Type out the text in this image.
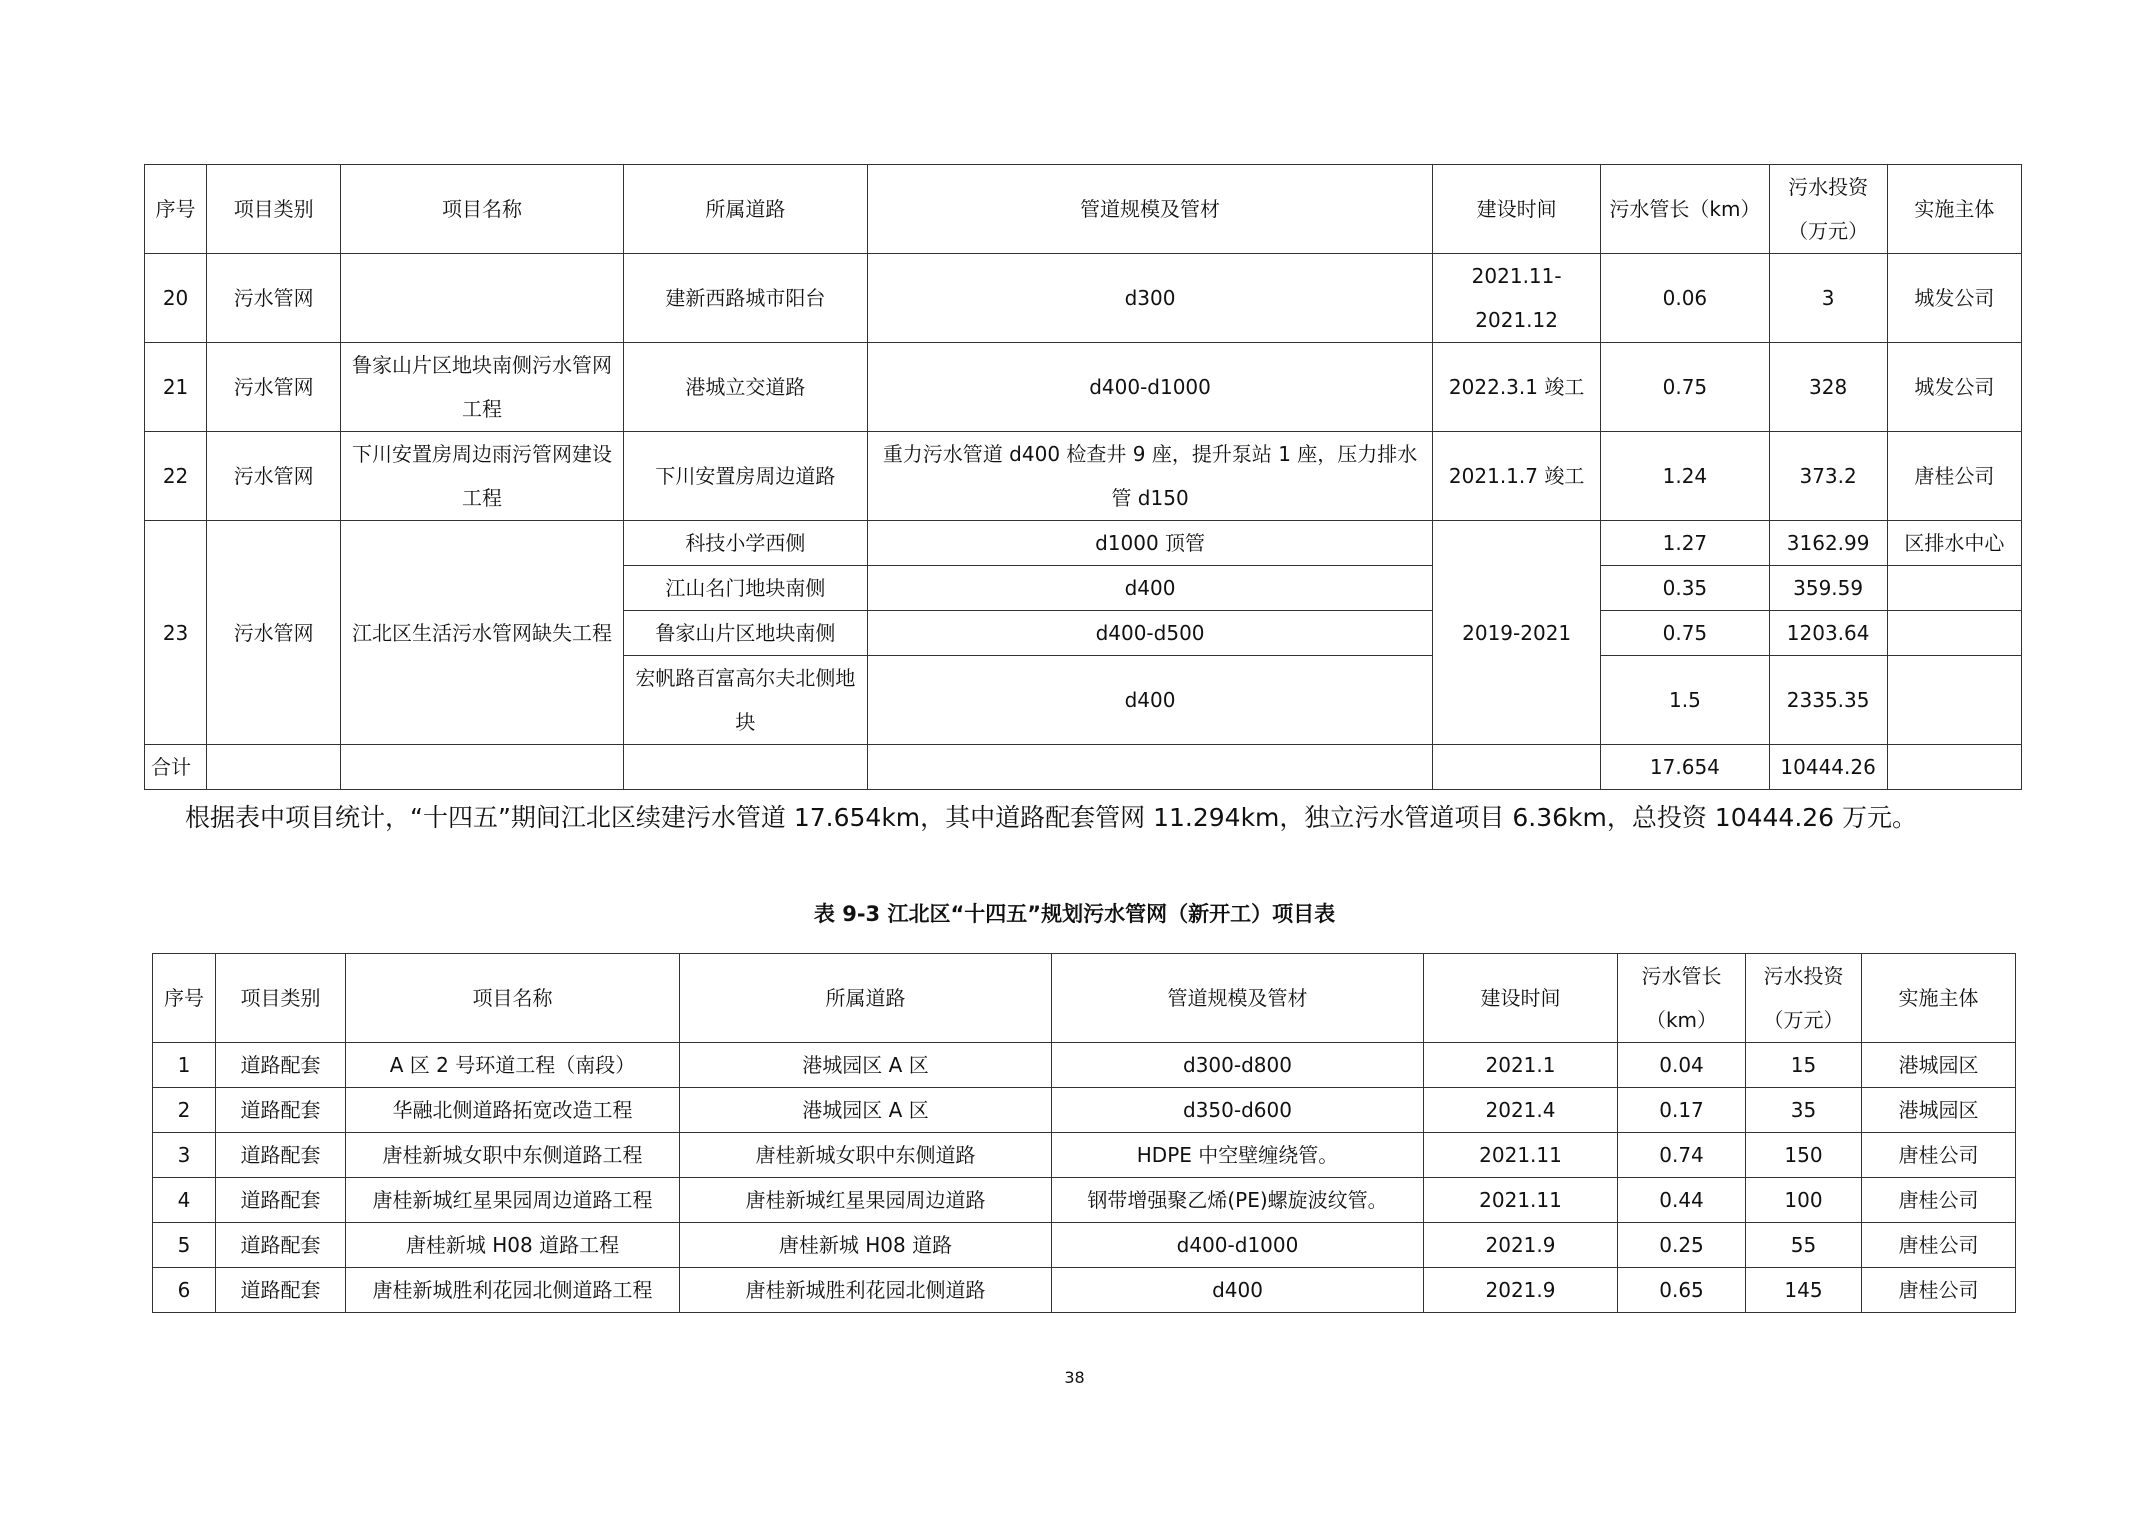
序号	项目类别	项目名称	所属道路	管道规模及管材	建设时间	污水管长（km）	污水投资（万元）	实施主体
20	污水管网		建新西路城市阳台	d300	2021.11-2021.12	0.06	3	城发公司
21	污水管网	鲁家山片区地块南侧污水管网工程	港城立交道路	d400-d1000	2022.3.1 竣工	0.75	328	城发公司
22	污水管网	下川安置房周边雨污管网建设工程	下川安置房周边道路	重力污水管道 d400 检查井 9 座，提升泵站 1 座，压力排水管 d150	2021.1.7 竣工	1.24	373.2	唐桂公司
23	污水管网	江北区生活污水管网缺失工程	科技小学西侧	d1000 顶管	2019-2021	1.27	3162.99	区排水中心
			江山名门地块南侧	d400		0.35	359.59	
			鲁家山片区地块南侧	d400-d500		0.75	1203.64	
			宏帆路百富高尔夫北侧地块	d400		1.5	2335.35	
合计						17.654	10444.26	
根据表中项目统计，“十四五”期间江北区续建污水管道 17.654km，其中道路配套管网 11.294km，独立污水管道项目 6.36km，总投资 10444.26 万元。
表 9-3 江北区“十四五”规划污水管网（新开工）项目表
序号	项目类别	项目名称	所属道路	管道规模及管材	建设时间	污水管长（km）	污水投资（万元）	实施主体
1	道路配套	A 区 2 号环道工程（南段）	港城园区 A 区	d300-d800	2021.1	0.04	15	港城园区
2	道路配套	华融北侧道路拓宽改造工程	港城园区 A 区	d350-d600	2021.4	0.17	35	港城园区
3	道路配套	唐桂新城女职中东侧道路工程	唐桂新城女职中东侧道路	HDPE 中空壁缠绕管。	2021.11	0.74	150	唐桂公司
4	道路配套	唐桂新城红星果园周边道路工程	唐桂新城红星果园周边道路	钢带增强聚乙烯(PE)螺旋波纹管。	2021.11	0.44	100	唐桂公司
5	道路配套	唐桂新城 H08 道路工程	唐桂新城 H08 道路	d400-d1000	2021.9	0.25	55	唐桂公司
6	道路配套	唐桂新城胜利花园北侧道路工程	唐桂新城胜利花园北侧道路	d400	2021.9	0.65	145	唐桂公司
38
